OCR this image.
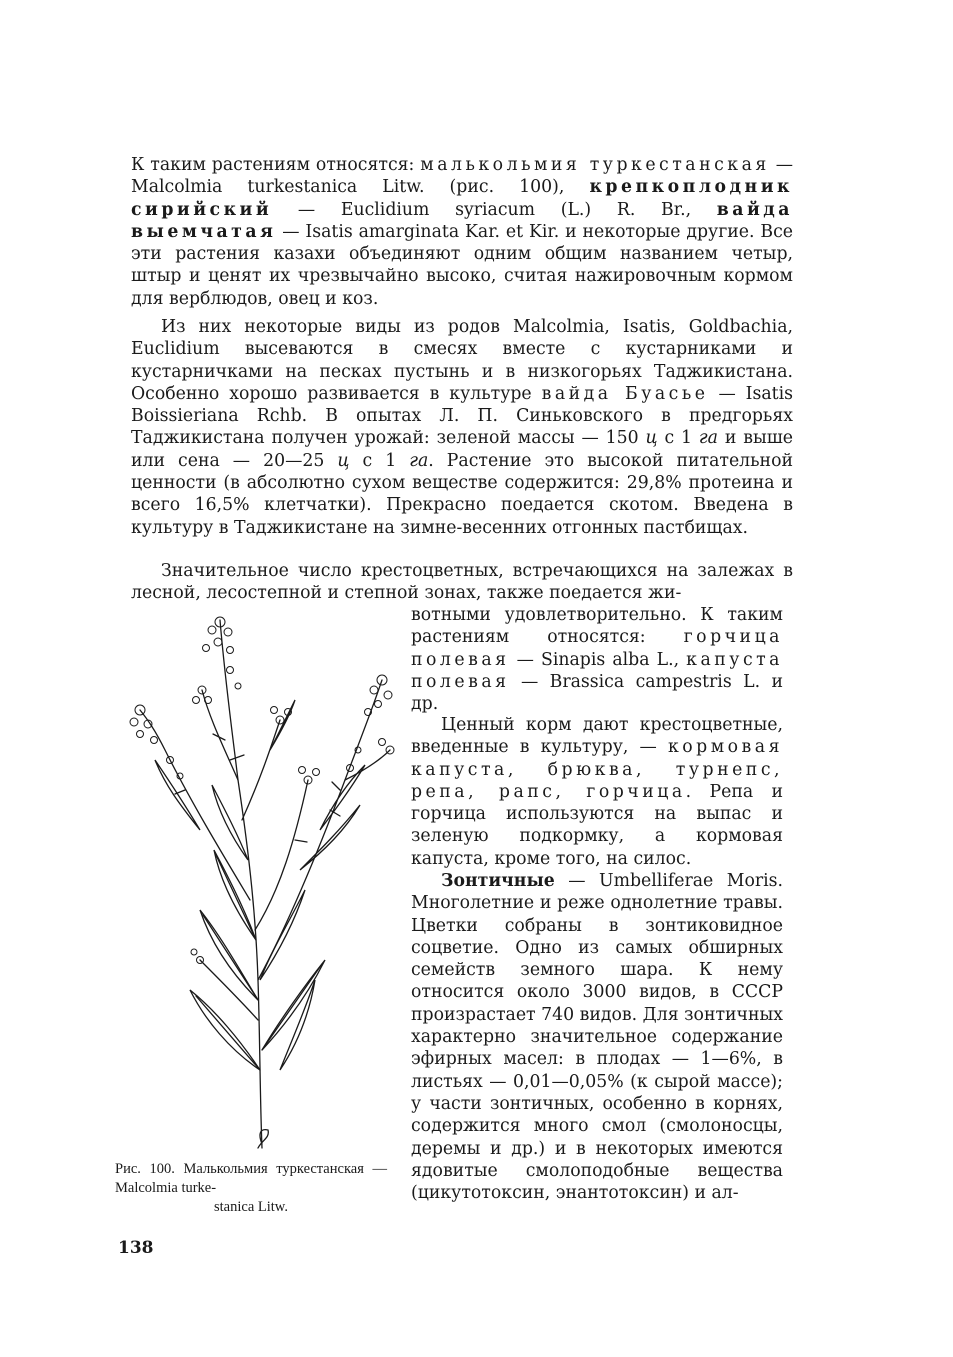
К таким растениям относятся: малькольмия туркестанская — Malcolmia turkestanica Litw. (рис. 100), крепкоплодник сирийский — Euclidium syriacum (L.) R. Br., вайда выемчатая — Isatis amarginata Kar. et Kir. и некоторые другие. Все эти растения казахи объединяют одним общим названием четыр, штыр и ценят их чрезвычайно высоко, считая нажировочным кормом для верблюдов, овец и коз.

Из них некоторые виды из родов Malcolmia, Isatis, Goldbachia, Euclidium высеваются в смесях вместе с кустарниками и кустарничками на песках пустынь и в низкогорьях Таджикистана. Особенно хорошо развивается в культуре вайда Буасье — Isatis Boissieriana Rchb. В опытах Л. П. Синьковского в предгорьях Таджикистана получен урожай: зеленой массы — 150 ц с 1 га и выше или сена — 20—25 ц с 1 га. Растение это высокой питательной ценности (в абсолютно сухом веществе содержится: 29,8% протеина и всего 16,5% клетчатки). Прекрасно поедается скотом. Введена в культуру в Таджикистане на зимне-весенних отгонных пастбищах.

Значительное число крестоцветных, встречающихся на залежах в лесной, лесостепной и степной зонах, также поедается жи-

вотными удовлетворительно. К таким растениям относятся: горчица полевая — Sinapis alba L., капуста полевая — Brassica campestris L. и др.

Ценный корм дают крестоцветные, введенные в культуру, — кормовая капуста, брюква, турнепс, репа, рапс, горчица. Репа и горчица используются на выпас и зеленую подкормку, а кормовая капуста, кроме того, на силос.

Зонтичные — Umbelliferae Moris. Многолетние и реже однолетние травы. Цветки собраны в зонтиковидное соцветие. Одно из самых обширных семейств земного шара. К нему относится около 3000 видов, в СССР произрастает 740 видов. Для зонтичных характерно значительное содержание эфирных масел: в плодах — 1—6%, в листьях — 0,01—0,05% (к сырой массе); у части зонтичных, особенно в корнях, содержится много смол (смолоносцы, деремы и др.) и в некоторых имеются ядовитые смолоподобные вещества (цикутотоксин, энантотоксин) и ал-

Рис. 100. Малькольмия туркестанская — Malcolmia turke-
stanica Litw.
138
